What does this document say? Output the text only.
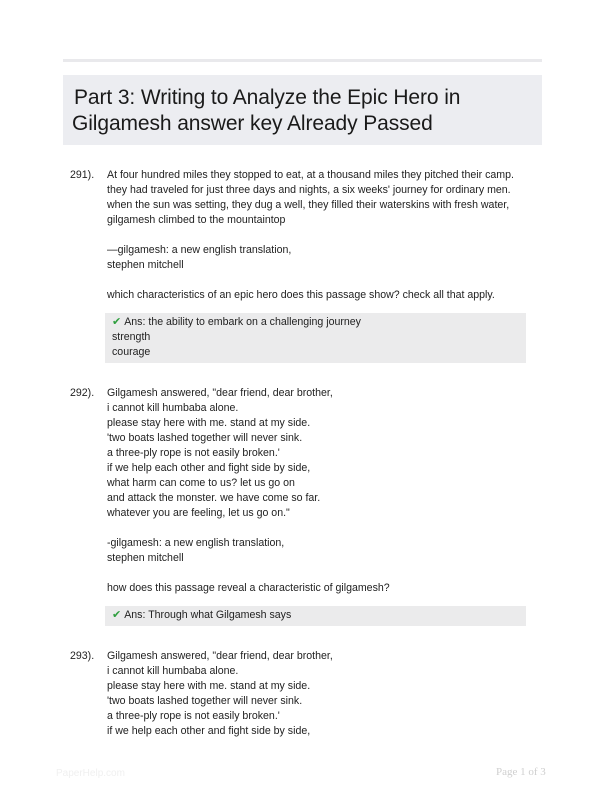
Part 3: Writing to Analyze the Epic Hero in
Gilgamesh answer key Already Passed
291).	At four hundred miles they stopped to eat, at a thousand miles they pitched their camp.
they had traveled for just three days and nights, a six weeks' journey for ordinary men.
when the sun was setting, they dug a well, they filled their waterskins with fresh water,
gilgamesh climbed to the mountaintop
—gilgamesh: a new english translation,
stephen mitchell
which characteristics of an epic hero does this passage show? check all that apply.
✔ Ans: the ability to embark on a challenging journey
strength
courage
292).	Gilgamesh answered, "dear friend, dear brother,
i cannot kill humbaba alone.
please stay here with me. stand at my side.
'two boats lashed together will never sink.
a three-ply rope is not easily broken.'
if we help each other and fight side by side,
what harm can come to us? let us go on
and attack the monster. we have come so far.
whatever you are feeling, let us go on."
-gilgamesh: a new english translation,
stephen mitchell
how does this passage reveal a characteristic of gilgamesh?
✔ Ans: Through what Gilgamesh says
293).	Gilgamesh answered, "dear friend, dear brother,
i cannot kill humbaba alone.
please stay here with me. stand at my side.
'two boats lashed together will never sink.
a three-ply rope is not easily broken.'
if we help each other and fight side by side,
PaperHelp.com	Page 1 of 3
